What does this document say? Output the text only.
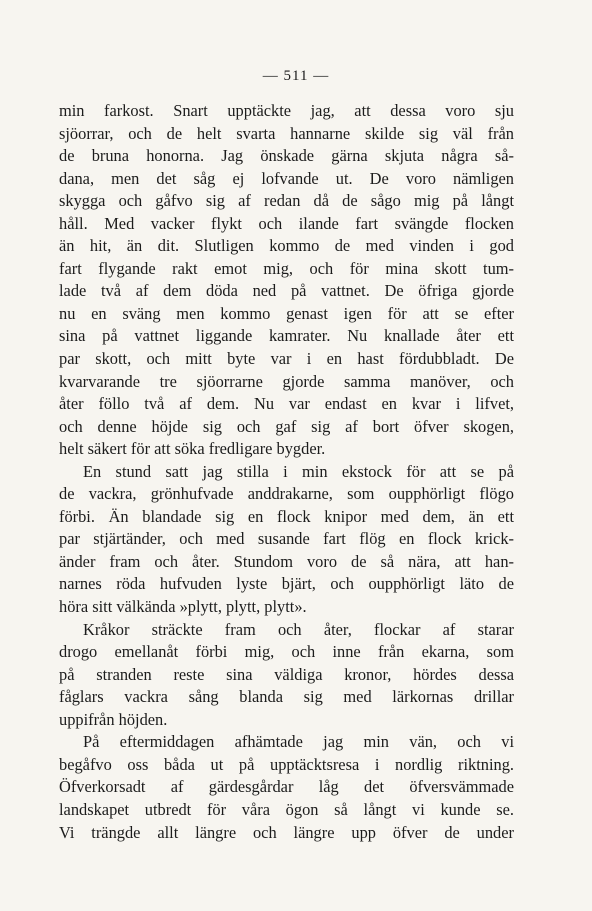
— 511 —
min farkost. Snart upptäckte jag, att dessa voro sju
sjöorrar, och de helt svarta hannarne skilde sig väl från
de bruna honorna. Jag önskade gärna skjuta några så-
dana, men det såg ej lofvande ut. De voro nämligen
skygga och gåfvo sig af redan då de sågo mig på långt
håll. Med vacker flykt och ilande fart svängde flocken
än hit, än dit. Slutligen kommo de med vinden i god
fart flygande rakt emot mig, och för mina skott tum-
lade två af dem döda ned på vattnet. De öfriga gjorde
nu en sväng men kommo genast igen för att se efter
sina på vattnet liggande kamrater. Nu knallade åter ett
par skott, och mitt byte var i en hast fördubbladt. De
kvarvarande tre sjöorrarne gjorde samma manöver, och
åter föllo två af dem. Nu var endast en kvar i lifvet,
och denne höjde sig och gaf sig af bort öfver skogen,
helt säkert för att söka fredligare bygder.
En stund satt jag stilla i min ekstock för att se på
de vackra, grönhufvade anddrakarne, som oupphörligt flögo
förbi. Än blandade sig en flock knipor med dem, än ett
par stjärtänder, och med susande fart flög en flock krick-
änder fram och åter. Stundom voro de så nära, att han-
narnes röda hufvuden lyste bjärt, och oupphörligt läto de
höra sitt välkända »plytt, plytt, plytt».
Kråkor sträckte fram och åter, flockar af starar
drogo emellanåt förbi mig, och inne från ekarna, som
på stranden reste sina väldiga kronor, hördes dessa
fåglars vackra sång blanda sig med lärkornas drillar
uppifrån höjden.
På eftermiddagen afhämtade jag min vän, och vi
begåfvo oss båda ut på upptäcktsresa i nordlig riktning.
Öfverkorsadt af gärdesgårdar låg det öfversvämmade
landskapet utbredt för våra ögon så långt vi kunde se.
Vi trängde allt längre och längre upp öfver de under
